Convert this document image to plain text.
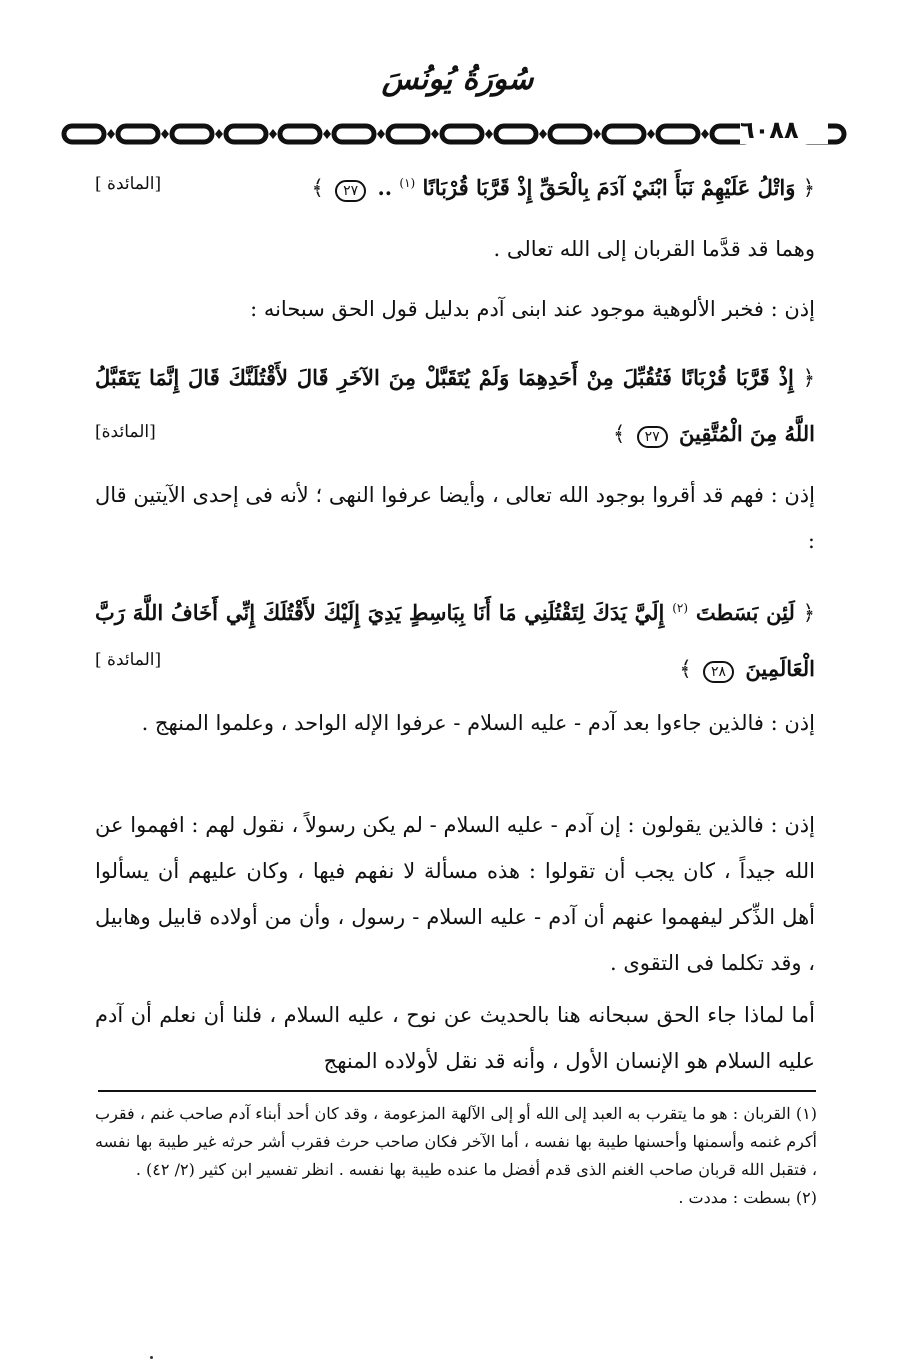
سُورَةُ يُونُسَ
٦٠٨٨
﴿ وَاتْلُ عَلَيْهِمْ نَبَأَ ابْنَيْ آدَمَ بِالْحَقِّ إِذْ قَرَّبَا قُرْبَانًا $^{(١)}$ .. ٢٧ ﴾
[المائدة ]
وهما قد قدَّما القربان إلى الله تعالى .
إذن : فخبر الألوهية موجود عند ابنى آدم بدليل قول الحق سبحانه :
﴿ إِذْ قَرَّبَا قُرْبَانًا فَتُقُبِّلَ مِنْ أَحَدِهِمَا وَلَمْ يُتَقَبَّلْ مِنَ الآخَرِ قَالَ لأَقْتُلَنَّكَ قَالَ إِنَّمَا يَتَقَبَّلُ اللَّهُ مِنَ الْمُتَّقِينَ ٢٧ ﴾
[المائدة]
إذن : فهم قد أقروا بوجود الله تعالى ، وأيضا عرفوا النهى ؛ لأنه فى إحدى الآيتين قال :
﴿ لَئِن بَسَطتَ $^{(٢)}$ إِلَيَّ يَدَكَ لِتَقْتُلَنِي مَا أَنَا بِبَاسِطٍ يَدِيَ إِلَيْكَ لأَقْتُلَكَ إِنِّي أَخَافُ اللَّهَ رَبَّ الْعَالَمِينَ ٢٨ ﴾
[المائدة ]
إذن : فالذين جاءوا بعد آدم - عليه السلام - عرفوا الإله الواحد ، وعلموا المنهج .
إذن : فالذين يقولون : إن آدم - عليه السلام - لم يكن رسولاً ، نقول لهم : افهموا عن الله جيداً ، كان يجب أن تقولوا : هذه مسألة لا نفهم فيها ، وكان عليهم أن يسألوا أهل الذِّكر ليفهموا عنهم أن آدم - عليه السلام - رسول ، وأن من أولاده قابيل وهابيل ، وقد تكلما فى التقوى .
أما لماذا جاء الحق سبحانه هنا بالحديث عن نوح ، عليه السلام ، فلنا أن نعلم أن آدم عليه السلام هو الإنسان الأول ، وأنه قد نقل لأولاده المنهج
(١) القربان : هو ما يتقرب به العبد إلى الله أو إلى الآلهة المزعومة ، وقد كان أحد أبناء آدم صاحب غنم ، فقرب أكرم غنمه وأسمنها وأحسنها طيبة بها نفسه ، أما الآخر فكان صاحب حرث فقرب أشر حرثه غير طيبة بها نفسه ، فتقبل الله قربان صاحب الغنم الذى قدم أفضل ما عنده طيبة بها نفسه . انظر تفسير ابن كثير (٢/ ٤٢) .
(٢) بسطت : مددت .
